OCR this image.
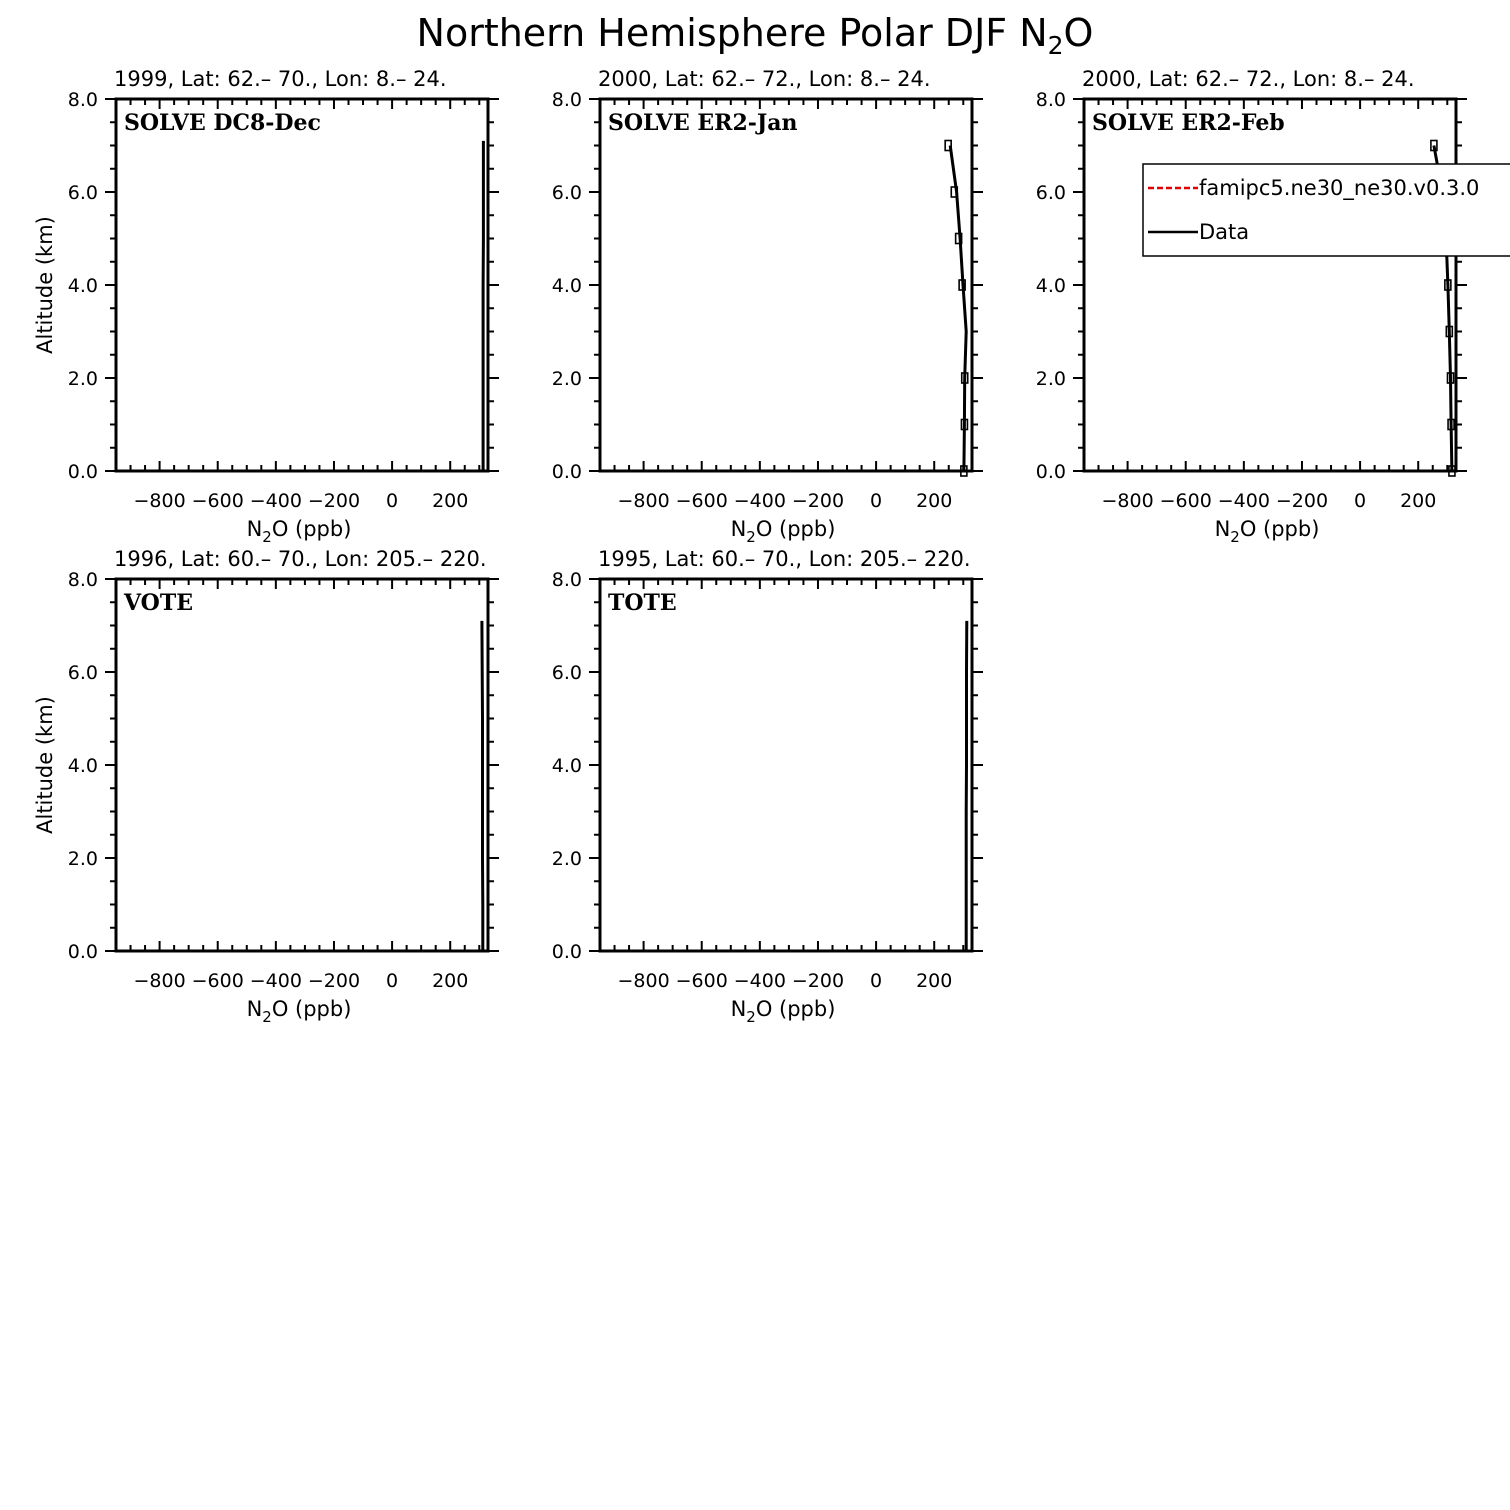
Northern Hemisphere Polar DJF $N_2O$
−800 −600 −400 −200 0 200
0.0
2.0
4.0
6.0
8.0
1999, Lat: 62.– 70., Lon: 8.– 24.
SOLVE DC8-Dec
$N_2O$ (ppb)
Altitude (km)
−800 −600 −400 −200 0 200
0.0
2.0
4.0
6.0
8.0
2000, Lat: 62.– 72., Lon: 8.– 24.
SOLVE ER2-Jan
$N_2O$ (ppb)
−800 −600 −400 −200 0 200
0.0
2.0
4.0
6.0
8.0
2000, Lat: 62.– 72., Lon: 8.– 24.
SOLVE ER2-Feb
$N_2O$ (ppb)
famipc5.ne30_ne30.v0.3.0
Data
−800 −600 −400 −200 0 200
0.0
2.0
4.0
6.0
8.0
1996, Lat: 60.– 70., Lon: 205.– 220.
VOTE
$N_2O$ (ppb)
Altitude (km)
−800 −600 −400 −200 0 200
0.0
2.0
4.0
6.0
8.0
1995, Lat: 60.– 70., Lon: 205.– 220.
TOTE
$N_2O$ (ppb)
